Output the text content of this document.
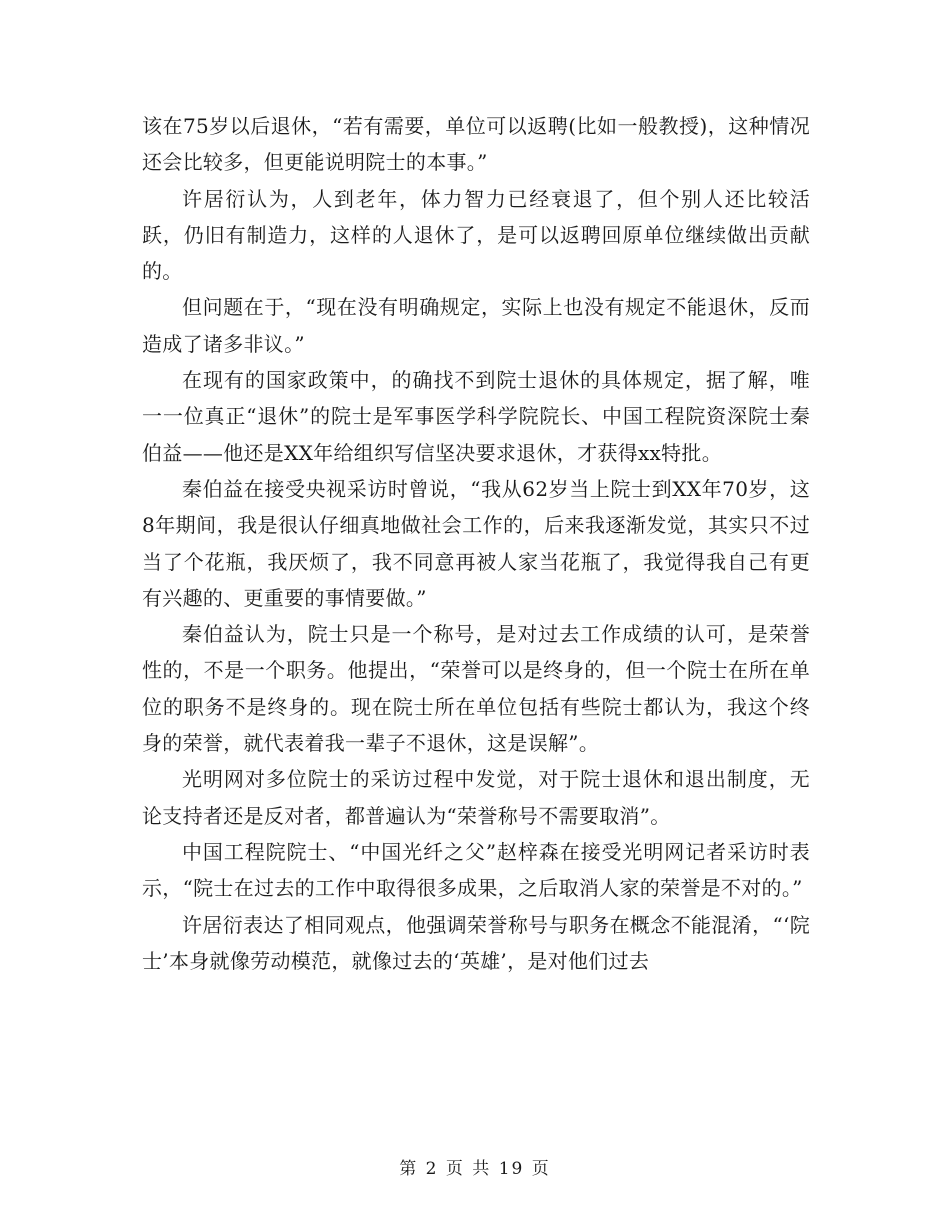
该在75岁以后退休，“若有需要，单位可以返聘(比如一般教授)，这种情况还会比较多，但更能说明院士的本事。”

许居衍认为，人到老年，体力智力已经衰退了，但个别人还比较活跃，仍旧有制造力，这样的人退休了，是可以返聘回原单位继续做出贡献的。

但问题在于，“现在没有明确规定，实际上也没有规定不能退休，反而造成了诸多非议。”

在现有的国家政策中，的确找不到院士退休的具体规定，据了解，唯一一位真正“退休”的院士是军事医学科学院院长、中国工程院资深院士秦伯益——他还是XX年给组织写信坚决要求退休，才获得xx特批。

秦伯益在接受央视采访时曾说，“我从62岁当上院士到XX年70岁，这8年期间，我是很认仔细真地做社会工作的，后来我逐渐发觉，其实只不过当了个花瓶，我厌烦了，我不同意再被人家当花瓶了，我觉得我自己有更有兴趣的、更重要的事情要做。”

秦伯益认为，院士只是一个称号，是对过去工作成绩的认可，是荣誉性的，不是一个职务。他提出，“荣誉可以是终身的，但一个院士在所在单位的职务不是终身的。现在院士所在单位包括有些院士都认为，我这个终身的荣誉，就代表着我一辈子不退休，这是误解”。

光明网对多位院士的采访过程中发觉，对于院士退休和退出制度，无论支持者还是反对者，都普遍认为“荣誉称号不需要取消”。

中国工程院院士、“中国光纤之父”赵梓森在接受光明网记者采访时表示，“院士在过去的工作中取得很多成果，之后取消人家的荣誉是不对的。”

许居衍表达了相同观点，他强调荣誉称号与职务在概念不能混淆，“‘院士’本身就像劳动模范，就像过去的‘英雄’，是对他们过去

第 2 页 共 19 页
